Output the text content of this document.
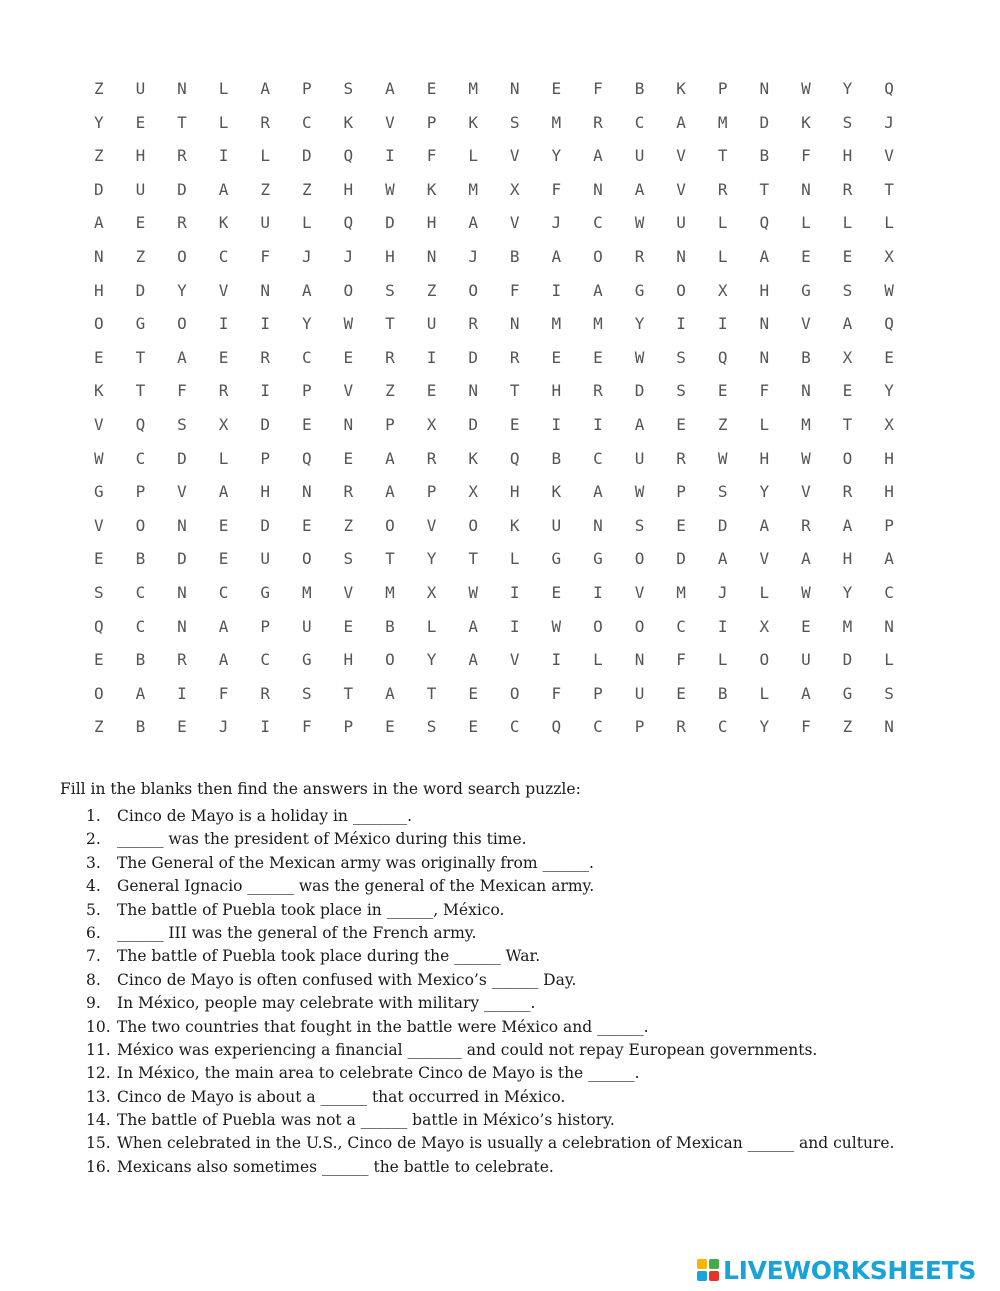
Z	U	N	L	A	P	S	A	E	M	N	E	F	B	K	P	N	W	Y	Q
Y	E	T	L	R	C	K	V	P	K	S	M	R	C	A	M	D	K	S	J
Z	H	R	I	L	D	Q	I	F	L	V	Y	A	U	V	T	B	F	H	V
D	U	D	A	Z	Z	H	W	K	M	X	F	N	A	V	R	T	N	R	T
A	E	R	K	U	L	Q	D	H	A	V	J	C	W	U	L	Q	L	L	L
N	Z	O	C	F	J	J	H	N	J	B	A	O	R	N	L	A	E	E	X
H	D	Y	V	N	A	O	S	Z	O	F	I	A	G	O	X	H	G	S	W
O	G	O	I	I	Y	W	T	U	R	N	M	M	Y	I	I	N	V	A	Q
E	T	A	E	R	C	E	R	I	D	R	E	E	W	S	Q	N	B	X	E
K	T	F	R	I	P	V	Z	E	N	T	H	R	D	S	E	F	N	E	Y
V	Q	S	X	D	E	N	P	X	D	E	I	I	A	E	Z	L	M	T	X
W	C	D	L	P	Q	E	A	R	K	Q	B	C	U	R	W	H	W	O	H
G	P	V	A	H	N	R	A	P	X	H	K	A	W	P	S	Y	V	R	H
V	O	N	E	D	E	Z	O	V	O	K	U	N	S	E	D	A	R	A	P
E	B	D	E	U	O	S	T	Y	T	L	G	G	O	D	A	V	A	H	A
S	C	N	C	G	M	V	M	X	W	I	E	I	V	M	J	L	W	Y	C
Q	C	N	A	P	U	E	B	L	A	I	W	O	O	C	I	X	E	M	N
E	B	R	A	C	G	H	O	Y	A	V	I	L	N	F	L	O	U	D	L
O	A	I	F	R	S	T	A	T	E	O	F	P	U	E	B	L	A	G	S
Z	B	E	J	I	F	P	E	S	E	C	Q	C	P	R	C	Y	F	Z	N
Fill in the blanks then find the answers in the word search puzzle:
1. Cinco de Mayo is a holiday in _______.
2. ______ was the president of México during this time.
3. The General of the Mexican army was originally from ______.
4. General Ignacio ______ was the general of the Mexican army.
5. The battle of Puebla took place in ______, México.
6. ______ III was the general of the French army.
7. The battle of Puebla took place during the ______ War.
8. Cinco de Mayo is often confused with Mexico’s ______ Day.
9. In México, people may celebrate with military ______.
10. The two countries that fought in the battle were México and ______.
11. México was experiencing a financial _______ and could not repay European governments.
12. In México, the main area to celebrate Cinco de Mayo is the ______.
13. Cinco de Mayo is about a ______ that occurred in México.
14. The battle of Puebla was not a ______ battle in México’s history.
15. When celebrated in the U.S., Cinco de Mayo is usually a celebration of Mexican ______ and culture.
16. Mexicans also sometimes ______ the battle to celebrate.
LIVEWORKSHEETS
